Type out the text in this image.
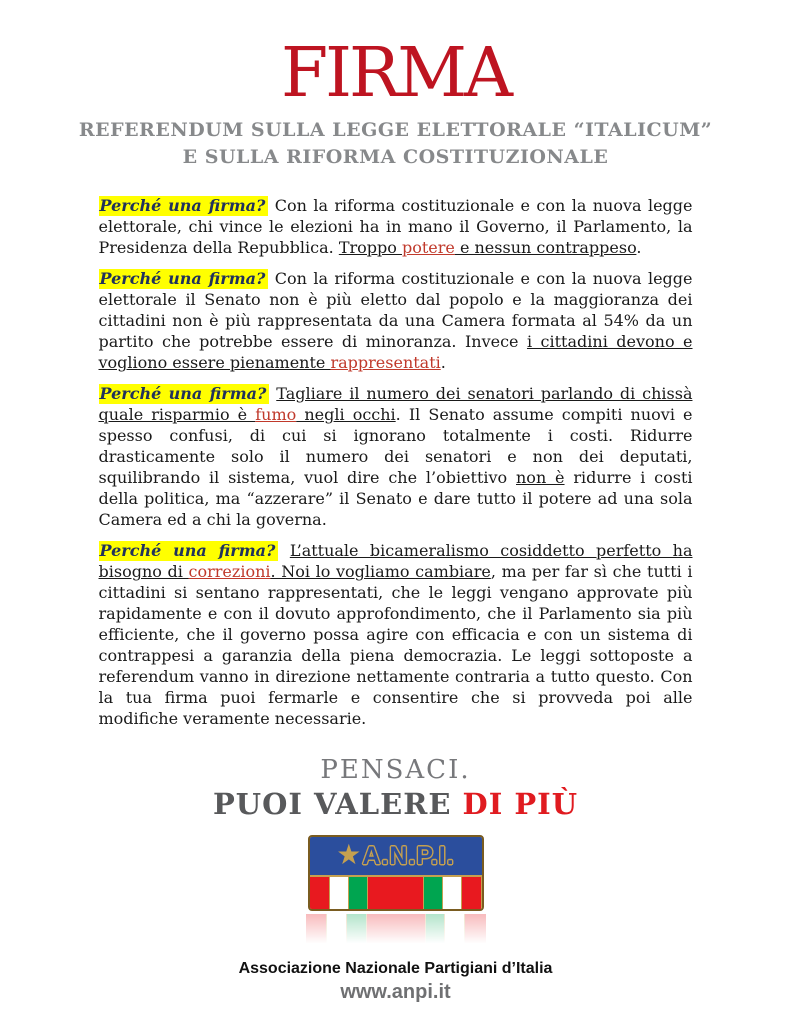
FIRMA
REFERENDUM SULLA LEGGE ELETTORALE “ITALICUM”
E SULLA RIFORMA COSTITUZIONALE

Perché una firma? Con la riforma costituzionale e con la nuova legge elettorale, chi vince le elezioni ha in mano il Governo, il Parlamento, la Presidenza della Repubblica. Troppo potere e nessun contrappeso.

Perché una firma? Con la riforma costituzionale e con la nuova legge elettorale il Senato non è più eletto dal popolo e la maggioranza dei cittadini non è più rappresentata da una Camera formata al 54% da un partito che potrebbe essere di minoranza. Invece i cittadini devono e vogliono essere pienamente rappresentati.

Perché una firma? Tagliare il numero dei senatori parlando di chissà quale risparmio è fumo negli occhi. Il Senato assume compiti nuovi e spesso confusi, di cui si ignorano totalmente i costi. Ridurre drasticamente solo il numero dei senatori e non dei deputati, squilibrando il sistema, vuol dire che l’obiettivo non è ridurre i costi della politica, ma “azzerare” il Senato e dare tutto il potere ad una sola Camera ed a chi la governa.

Perché una firma? L’attuale bicameralismo cosiddetto perfetto ha bisogno di correzioni. Noi lo vogliamo cambiare, ma per far sì che tutti i cittadini si sentano rappresentati, che le leggi vengano approvate più rapidamente e con il dovuto approfondimento, che il Parlamento sia più efficiente, che il governo possa agire con efficacia e con un sistema di contrappesi a garanzia della piena democrazia. Le leggi sottoposte a referendum vanno in direzione nettamente contraria a tutto questo. Con la tua firma puoi fermarle e consentire che si provveda poi alle modifiche veramente necessarie.

PENSACI.
PUOI VALERE DI PIÙ
★ A.N.P.I.
Associazione Nazionale Partigiani d’Italia
www.anpi.it
